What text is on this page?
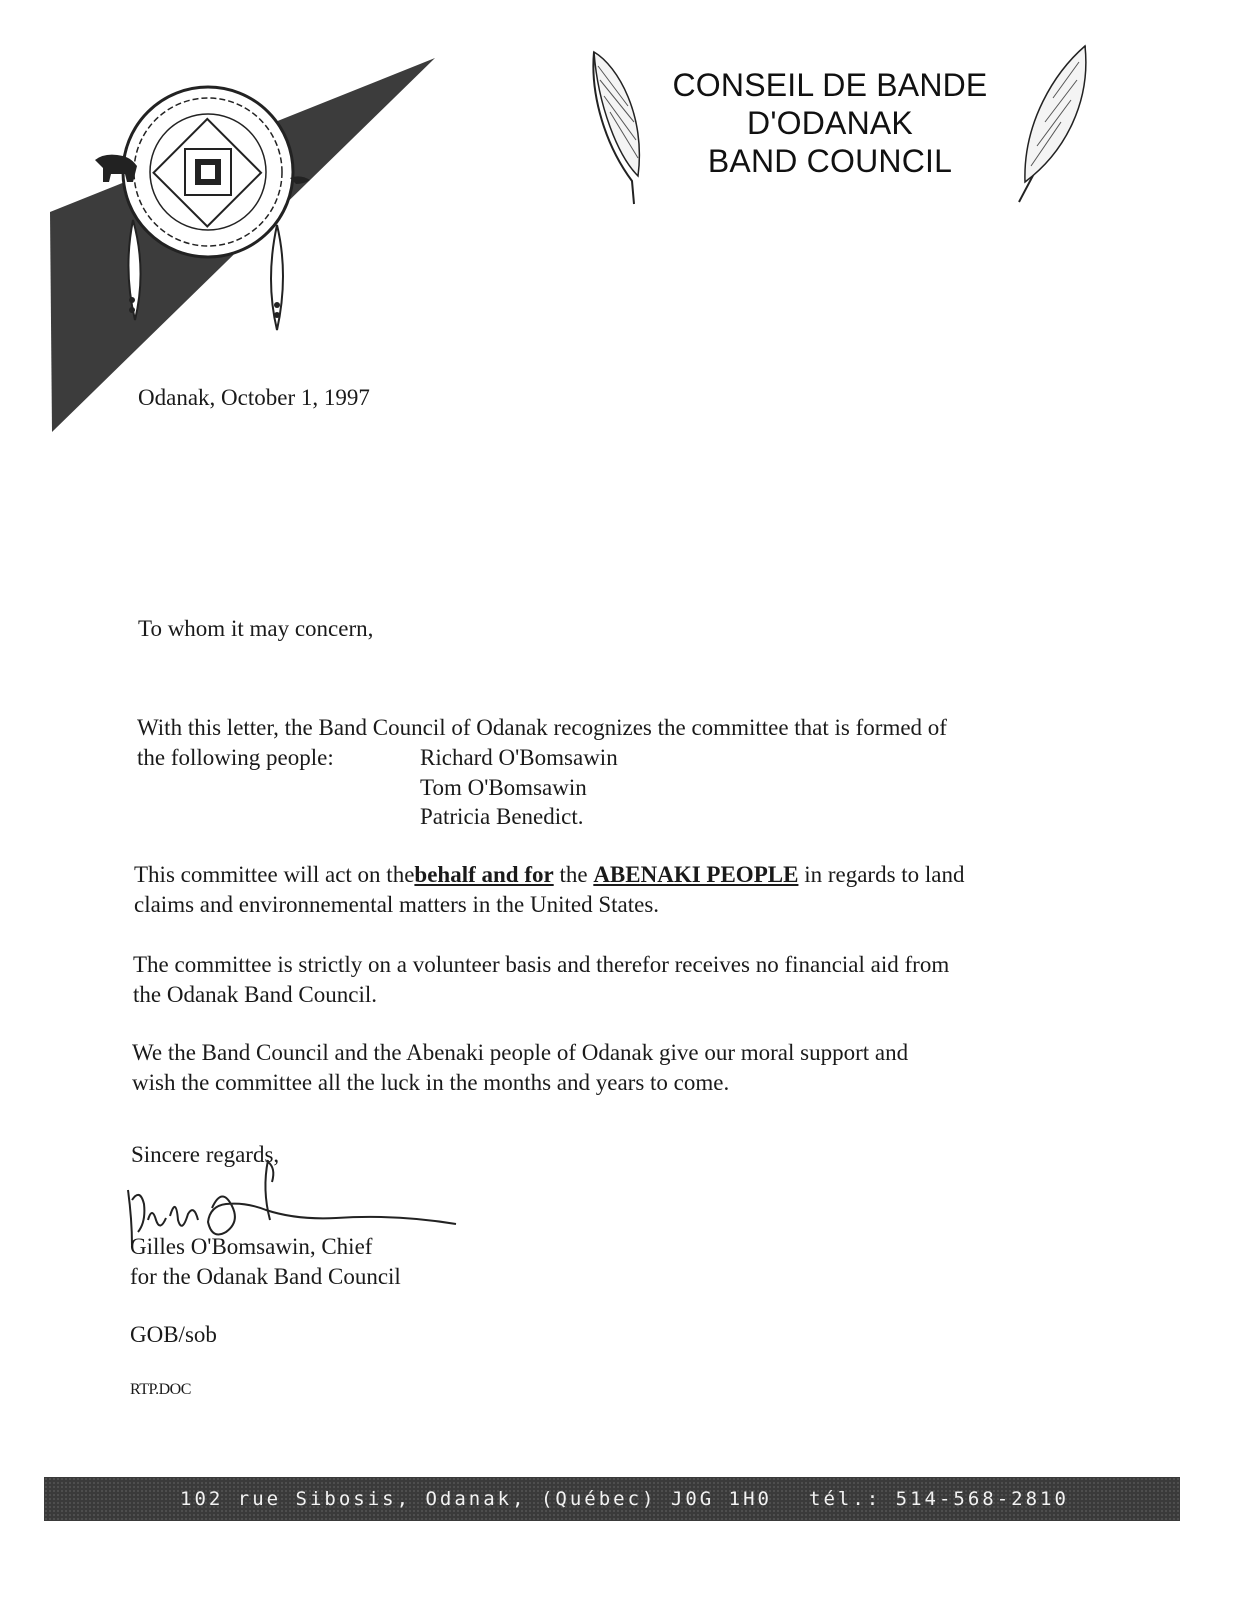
CONSEIL DE BANDE
D'ODANAK
BAND COUNCIL
Odanak, October 1, 1997
To whom it may concern,
With this letter, the Band Council of Odanak recognizes the committee that is formed of
the following people:	Richard O'Bomsawin
Tom O'Bomsawin
Patricia Benedict.
This committee will act on thebehalf and for the ABENAKI PEOPLE in regards to land
claims and environnemental matters in the United States.
The committee is strictly on a volunteer basis and therefor receives no financial aid from
the Odanak Band Council.
We the Band Council and the Abenaki people of Odanak give our moral support and
wish the committee all the luck in the months and years to come.
Sincere regards,
Gilles O'Bomsawin, Chief
for the Odanak Band Council
GOB/sob
RTP.DOC
102 rue Sibosis, Odanak, (Québec) J0G 1H0 tél.: 514-568-2810
